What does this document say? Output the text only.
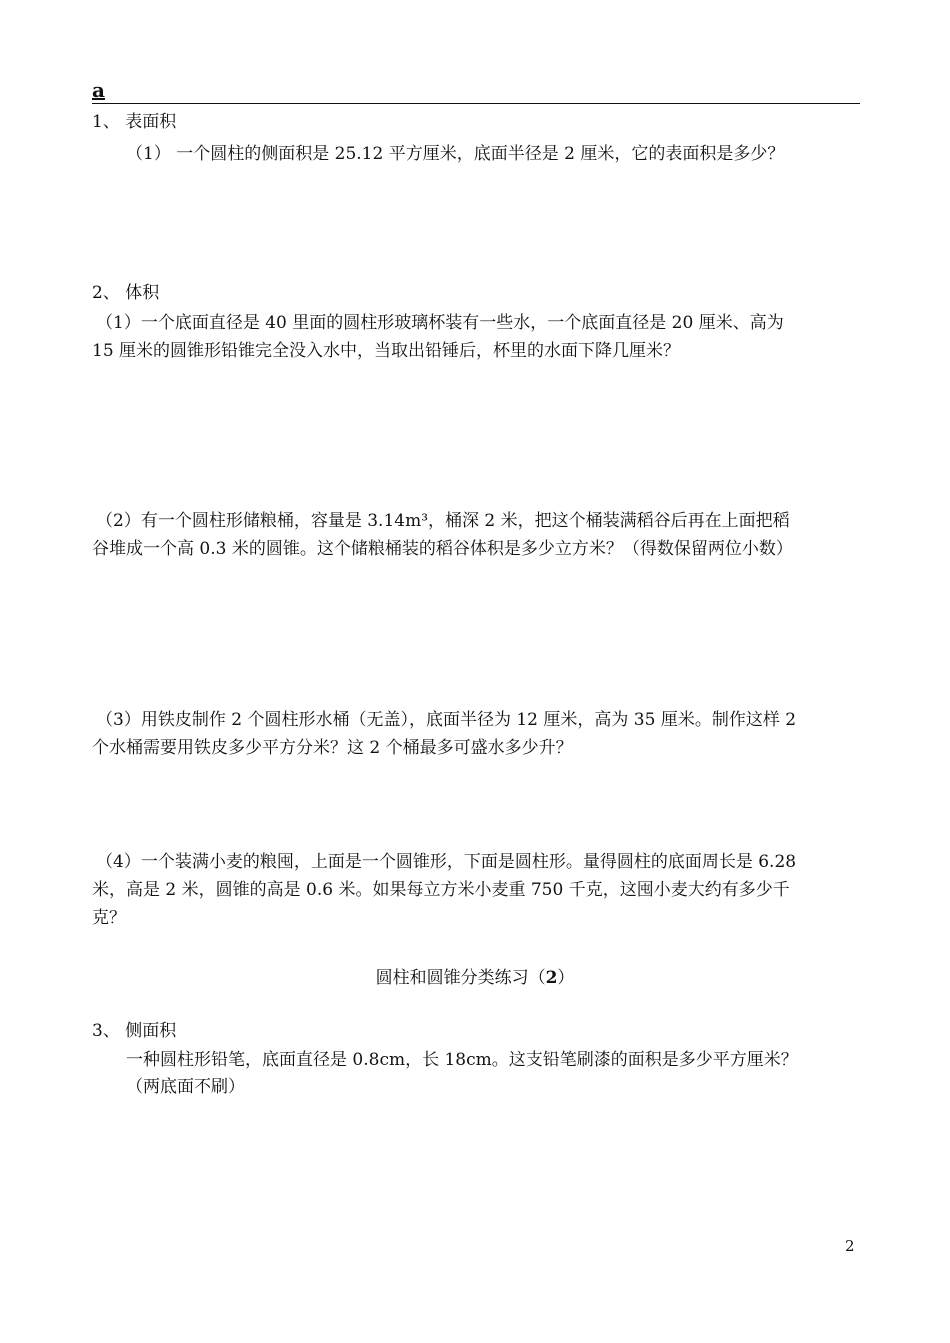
a
1、 表面积
（1） 一个圆柱的侧面积是 25.12 平方厘米，底面半径是 2 厘米，它的表面积是多少？
2、 体积
（1）一个底面直径是 40 里面的圆柱形玻璃杯装有一些水，一个底面直径是 20 厘米、高为
15 厘米的圆锥形铅锥完全没入水中，当取出铅锤后，杯里的水面下降几厘米？
（2）有一个圆柱形储粮桶，容量是 3.14m³，桶深 2 米，把这个桶装满稻谷后再在上面把稻
谷堆成一个高 0.3 米的圆锥。这个储粮桶装的稻谷体积是多少立方米？（得数保留两位小数）
（3）用铁皮制作 2 个圆柱形水桶（无盖），底面半径为 12 厘米，高为 35 厘米。制作这样 2
个水桶需要用铁皮多少平方分米？这 2 个桶最多可盛水多少升？
（4）一个装满小麦的粮囤，上面是一个圆锥形，下面是圆柱形。量得圆柱的底面周长是 6.28
米，高是 2 米，圆锥的高是 0.6 米。如果每立方米小麦重 750 千克，这囤小麦大约有多少千
克？
圆柱和圆锥分类练习（2）
3、 侧面积
一种圆柱形铅笔，底面直径是 0.8cm，长 18cm。这支铅笔刷漆的面积是多少平方厘米？
（两底面不刷）
2
